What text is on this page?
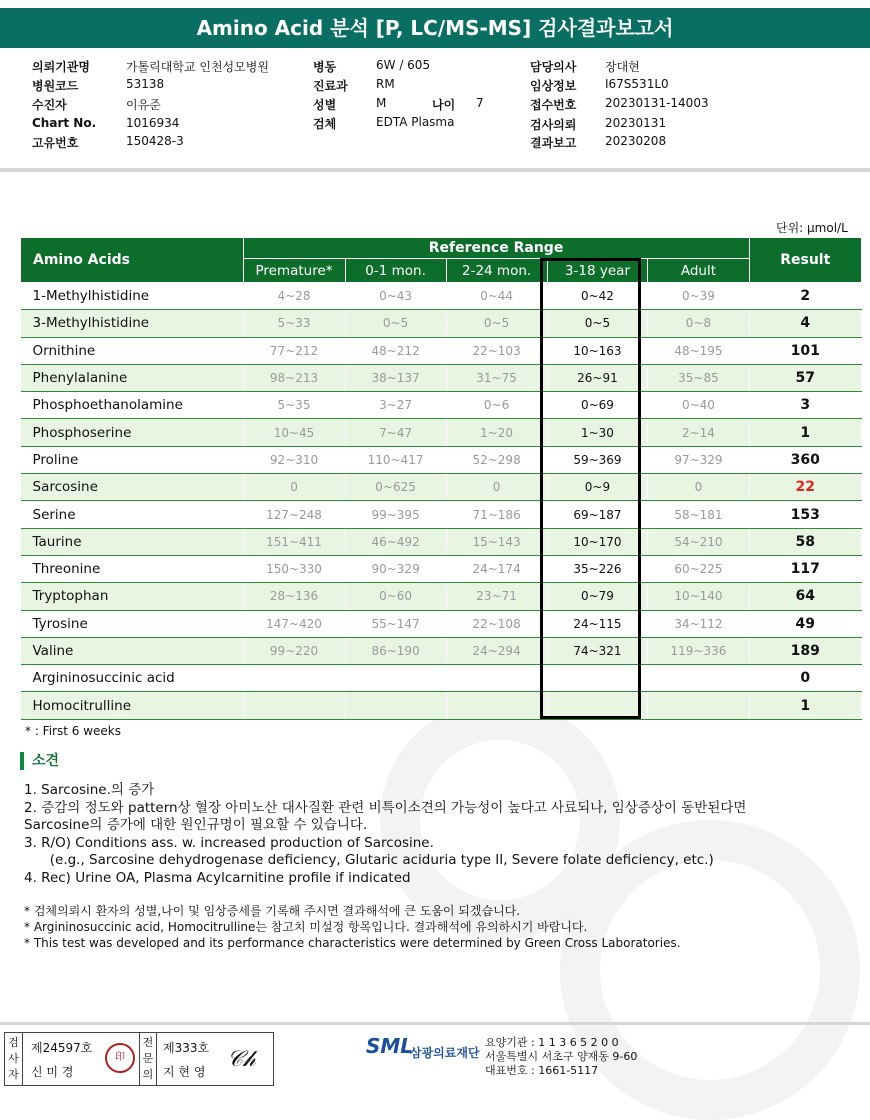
Amino Acid 분석 [P, LC/MS-MS] 검사결과보고서
의뢰기관명	가톨릭대학교 인천성모병원
병원코드	53138
수진자	이유준
Chart No. 1016934
고유번호	150428-3
병동	6W / 605
진료과 RM
성별	M	나이 7
검체	EDTA Plasma
담당의사 장대현
임상정보 I67S531L0
접수번호 20230131-14003
검사의뢰 20230131
결과보고 20230208
단위: μmol/L
Amino Acids	Reference Range					Result
	Premature*	0-1 mon.	2-24 mon.	3-18 year	Adult	
1-Methylhistidine	4~28	0~43	0~44	0~42	0~39	2
3-Methylhistidine	5~33	0~5	0~5	0~5	0~8	4
Ornithine	77~212	48~212	22~103	10~163	48~195	101
Phenylalanine	98~213	38~137	31~75	26~91	35~85	57
Phosphoethanolamine	5~35	3~27	0~6	0~69	0~40	3
Phosphoserine	10~45	7~47	1~20	1~30	2~14	1
Proline	92~310	110~417	52~298	59~369	97~329	360
Sarcosine	0	0~625	0	0~9	0	22
Serine	127~248	99~395	71~186	69~187	58~181	153
Taurine	151~411	46~492	15~143	10~170	54~210	58
Threonine	150~330	90~329	24~174	35~226	60~225	117
Tryptophan	28~136	0~60	23~71	0~79	10~140	64
Tyrosine	147~420	55~147	22~108	24~115	34~112	49
Valine	99~220	86~190	24~294	74~321	119~336	189
Argininosuccinic acid						0
Homocitrulline						1
* : First 6 weeks
소견
1. Sarcosine.의 증가
2. 증감의 정도와 pattern상 혈장 아미노산 대사질환 관련 비특이소견의 가능성이 높다고 사료되나, 임상증상이 동반된다면
Sarcosine의 증가에 대한 원인규명이 필요할 수 있습니다.
3. R/O) Conditions ass. w. increased production of Sarcosine.
(e.g., Sarcosine dehydrogenase deficiency, Glutaric aciduria type II, Severe folate deficiency, etc.)
4. Rec) Urine OA, Plasma Acylcarnitine profile if indicated
* 검체의뢰시 환자의 성별,나이 및 임상증세를 기록해 주시면 결과해석에 큰 도움이 되겠습니다.
* Argininosuccinic acid, Homocitrulline는 참고치 미설정 항목입니다. 결과해석에 유의하시기 바랍니다.
* This test was developed and its performance characteristics were determined by Green Cross Laboratories.
검사자
제24597호
신 미 경
印
전문의
제333호
지 현 영 𝒞𝒽
SML
삼광의료재단
요양기관 : 1 1 3 6 5 2 0 0
서울특별시 서초구 양재동 9-60
대표번호 : 1661-5117
